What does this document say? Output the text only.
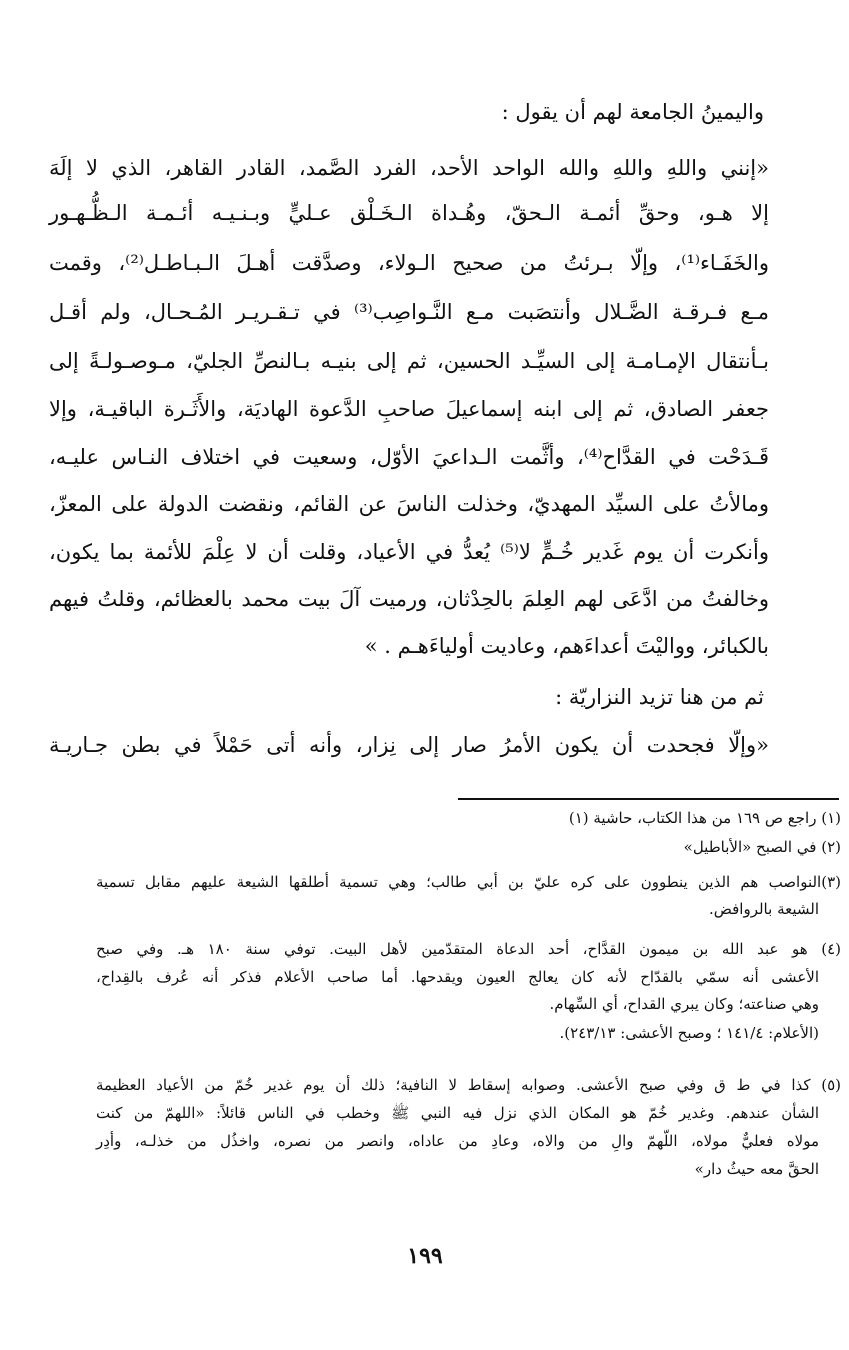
واليمينُ الجامعة لهم أن يقول :

«إنني واللهِ واللهِ والله الواحد الأحد، الفرد الصَّمد، القادر القاهر، الذي لا إلَهَ

إلا هـو، وحقِّ أئمـة الـحقّ، وهُـداة الـخَـلْق عـليٍّ وبـنـيـه أئـمـة الـظُّـهـور

والخَفَـاء⁽¹⁾، وإلّا بـرئتُ من صحيح الـولاء، وصدَّقت أهـلَ الـبـاطـل⁽²⁾، وقمت

مـع فـرقـة الضَّـلال وأنتصَبت مـع النَّـواصِب⁽³⁾ في تـقـريـر المُـحـال، ولم أقـل

بـأنتقال الإمـامـة إلى السيِّـد الحسين، ثم إلى بنيـه بـالنصِّ الجليّ، مـوصـولـةً إلى

جعفر الصادق، ثم إلى ابنه إسماعيلَ صاحبِ الدَّعوة الهاديَة، والأَثَـرة الباقيـة، وإلا

قَـدَحْت في القدَّاح⁽⁴⁾، وأثَّمت الـداعيَ الأوّل، وسعيت في اختلاف النـاس عليـه،

ومالأتُ على السيِّد المهديّ، وخذلت الناسَ عن القائم، ونقضت الدولة على المعزّ،

وأنكرت أن يوم غَدير خُـمٍّ لا⁽⁵⁾ يُعدُّ في الأعياد، وقلت أن لا عِلْمَ للأئمة بما يكون،

وخالفتُ من ادَّعَى لهم العِلمَ بالحِدْثان، ورميت آلَ بيت محمد بالعظائم، وقلتُ فيهم

بالكبائر، وواليْتَ أعداءَهم، وعاديت أولياءَهـم . »

ثم من هنا تزيد النزاريّة :

«وإلّا فجحدت أن يكون الأمرُ صار إلى نِزار، وأنه أتى حَمْلاً في بطن جـاريـة

(١) راجع ص ١٦٩ من هذا الكتاب، حاشية (١)

(٢) في الصبح «الأباطيل»

(٣)النواصب هم الذين ينطوون على كره عليّ بن أبي طالب؛ وهي تسمية أطلقها الشيعة عليهم مقابل تسمية

الشيعة بالروافض.

(٤) هو عبد الله بن ميمون القدَّاح، أحد الدعاة المتقدّمين لأهل البيت. توفي سنة ١٨٠ هـ. وفي صبح

الأعشى أنه سمّي بالقدّاح لأنه كان يعالج العيون ويقدحها. أما صاحب الأعلام فذكر أنه عُرف بالقِداح،

وهي صناعته؛ وكان يبري القداح، أي السِّهام.

(الأعلام: ١٤١/٤ ؛ وصبح الأعشى: ٢٤٣/١٣).

(٥) كذا في ط ق وفي صبح الأعشى. وصوابه إسقاط لا النافية؛ ذلك أن يوم غدير خُمّ من الأعياد العظيمة

الشأن عندهم. وغدير خُمّ هو المكان الذي نزل فيه النبي ﷺ وخطب في الناس قائلاً: «اللهمّ من كنت

مولاه فعليٌّ مولاه، اللّهمّ والِ من والاه، وعادِ من عاداه، وانصر من نصره، واخذُل من خذلـه، وأدِر

الحقَّ معه حيثُ دار»

١٩٩
